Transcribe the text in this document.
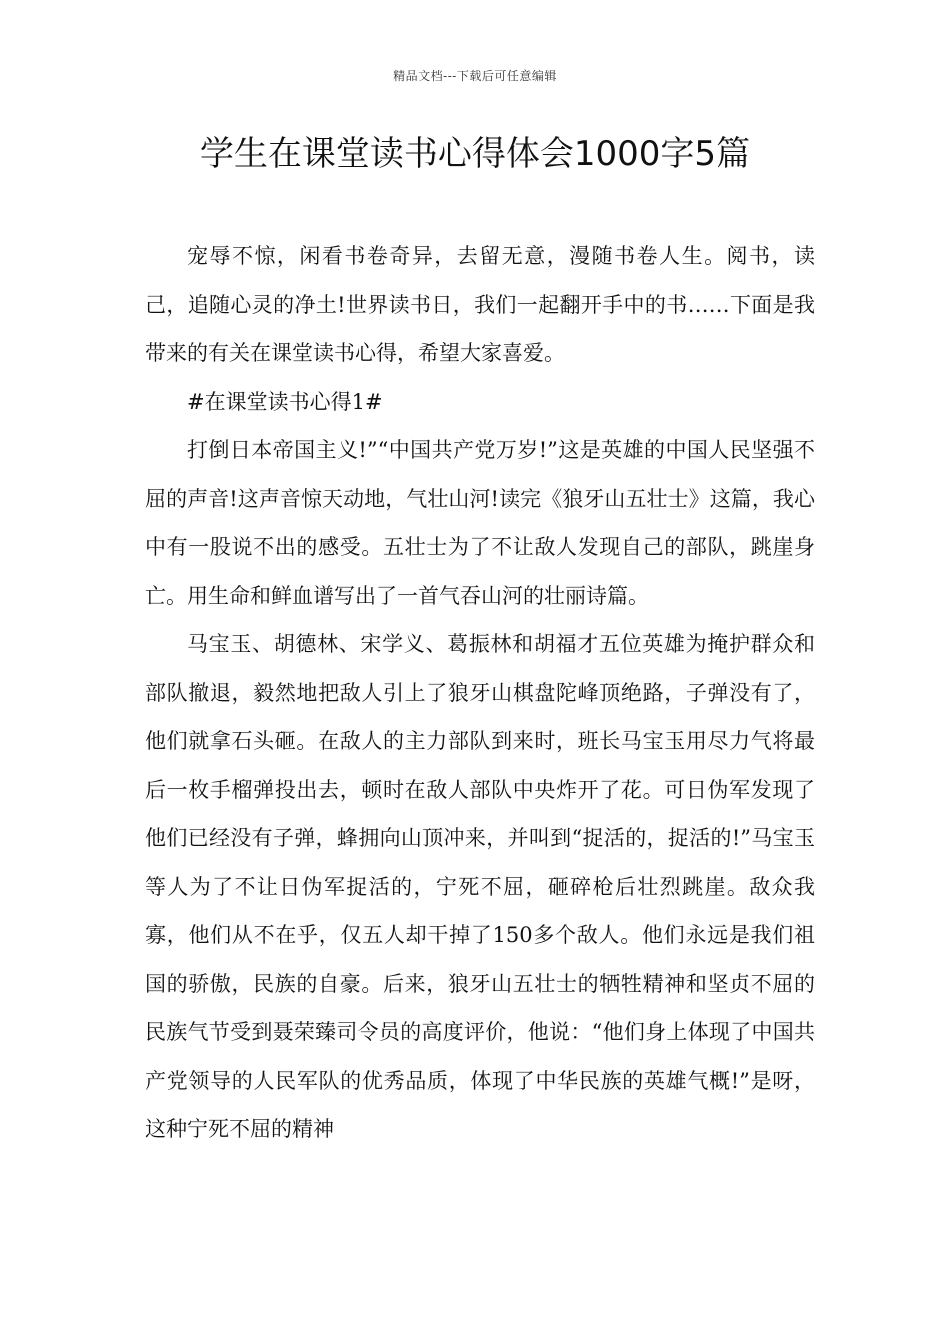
精品文档---下载后可任意编辑
学生在课堂读书心得体会1000字5篇

宠辱不惊，闲看书卷奇异，去留无意，漫随书卷人生。阅书，读己，追随心灵的净土!世界读书日，我们一起翻开手中的书……下面是我带来的有关在课堂读书心得，希望大家喜爱。

#在课堂读书心得1#

打倒日本帝国主义!”“中国共产党万岁!”这是英雄的中国人民坚强不屈的声音!这声音惊天动地，气壮山河!读完《狼牙山五壮士》这篇，我心中有一股说不出的感受。五壮士为了不让敌人发现自己的部队，跳崖身亡。用生命和鲜血谱写出了一首气吞山河的壮丽诗篇。

马宝玉、胡德林、宋学义、葛振林和胡福才五位英雄为掩护群众和部队撤退，毅然地把敌人引上了狼牙山棋盘陀峰顶绝路，子弹没有了，他们就拿石头砸。在敌人的主力部队到来时，班长马宝玉用尽力气将最后一枚手榴弹投出去，顿时在敌人部队中央炸开了花。可日伪军发现了他们已经没有子弹，蜂拥向山顶冲来，并叫到“捉活的，捉活的!”马宝玉等人为了不让日伪军捉活的，宁死不屈，砸碎枪后壮烈跳崖。敌众我寡，他们从不在乎，仅五人却干掉了150多个敌人。他们永远是我们祖国的骄傲，民族的自豪。后来，狼牙山五壮士的牺牲精神和坚贞不屈的民族气节受到聂荣臻司令员的高度评价，他说：“他们身上体现了中国共产党领导的人民军队的优秀品质，体现了中华民族的英雄气概!”是呀，这种宁死不屈的精神
